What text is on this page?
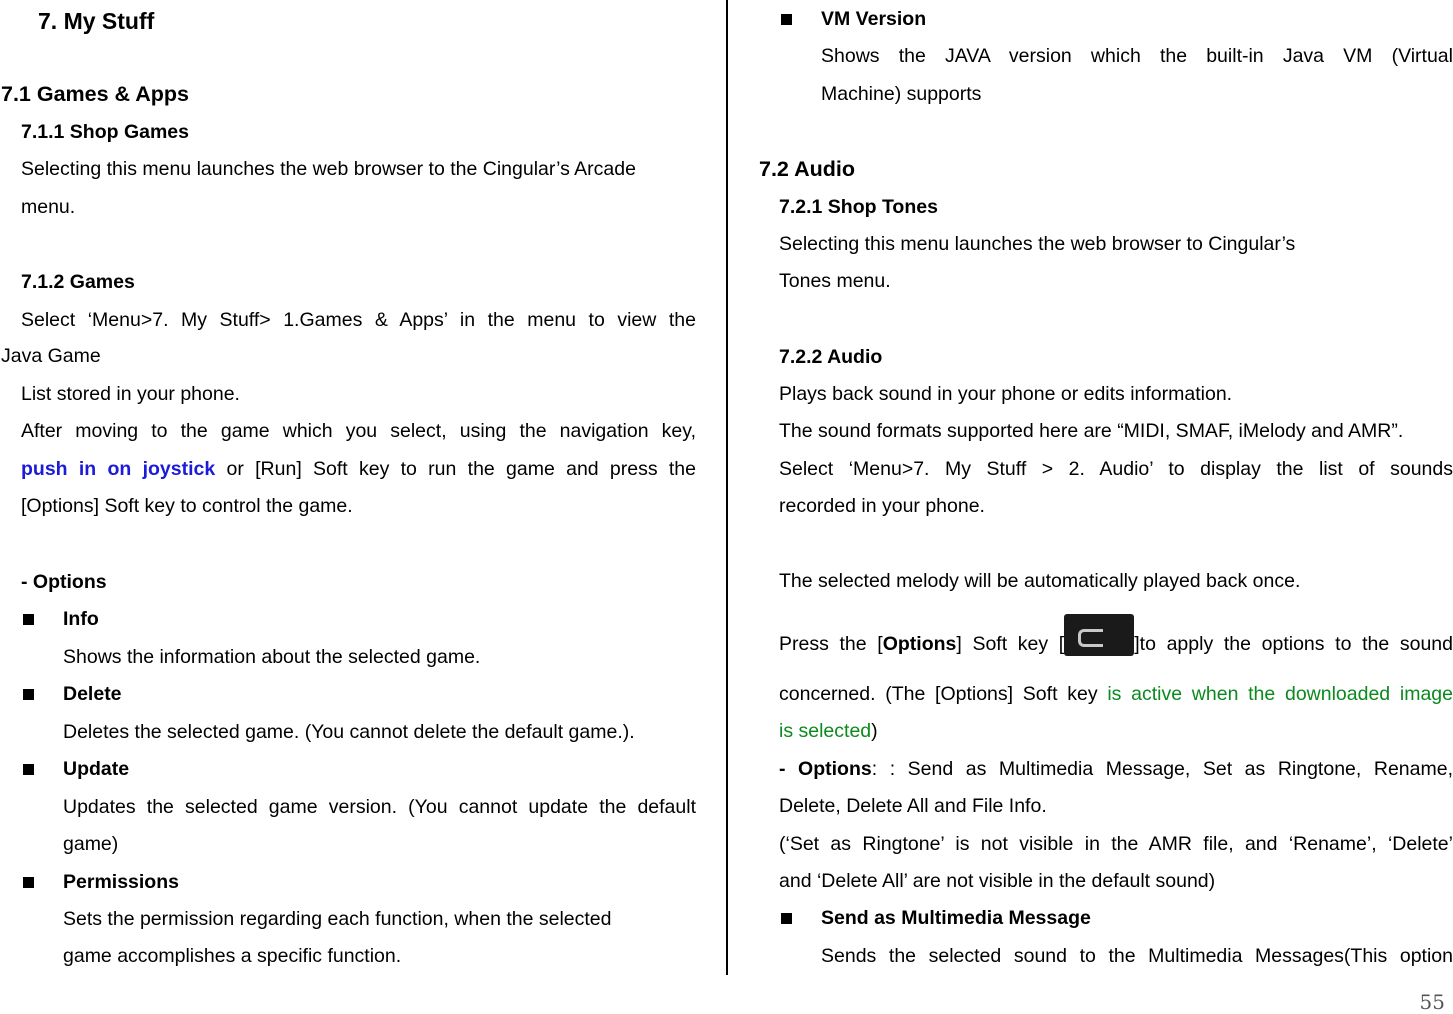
7. My Stuff
7.1 Games & Apps
7.1.1 Shop Games
Selecting this menu launches the web browser to the Cingular’s Arcade
menu.
7.1.2 Games
Select ‘Menu>7. My Stuff> 1.Games & Apps’ in the menu to view the
Java Game
List stored in your phone.
After moving to the game which you select, using the navigation key,
push in on joystick or [Run] Soft key to run the game and press the
[Options] Soft key to control the game.
- Options
Info
Shows the information about the selected game.
Delete
Deletes the selected game. (You cannot delete the default game.).
Update
Updates the selected game version. (You cannot update the default
game)
Permissions
Sets the permission regarding each function, when the selected
game accomplishes a specific function.
VM Version
Shows the JAVA version which the built-in Java VM (Virtual
Machine) supports
7.2 Audio
7.2.1 Shop Tones
Selecting this menu launches the web browser to Cingular’s
Tones menu.
7.2.2 Audio
Plays back sound in your phone or edits information.
The sound formats supported here are “MIDI, SMAF, iMelody and AMR”.
Select ‘Menu>7. My Stuff > 2. Audio’ to display the list of sounds
recorded in your phone.
The selected melody will be automatically played back once.
Press the [Options] Soft key [	]to apply the options to the sound
concerned. (The [Options] Soft key is active when the downloaded image
is selected)
- Options: : Send as Multimedia Message, Set as Ringtone, Rename,
Delete, Delete All and File Info.
(‘Set as Ringtone’ is not visible in the AMR file, and ‘Rename’, ‘Delete’
and ‘Delete All’ are not visible in the default sound)
Send as Multimedia Message
Sends the selected sound to the Multimedia Messages(This option
55
